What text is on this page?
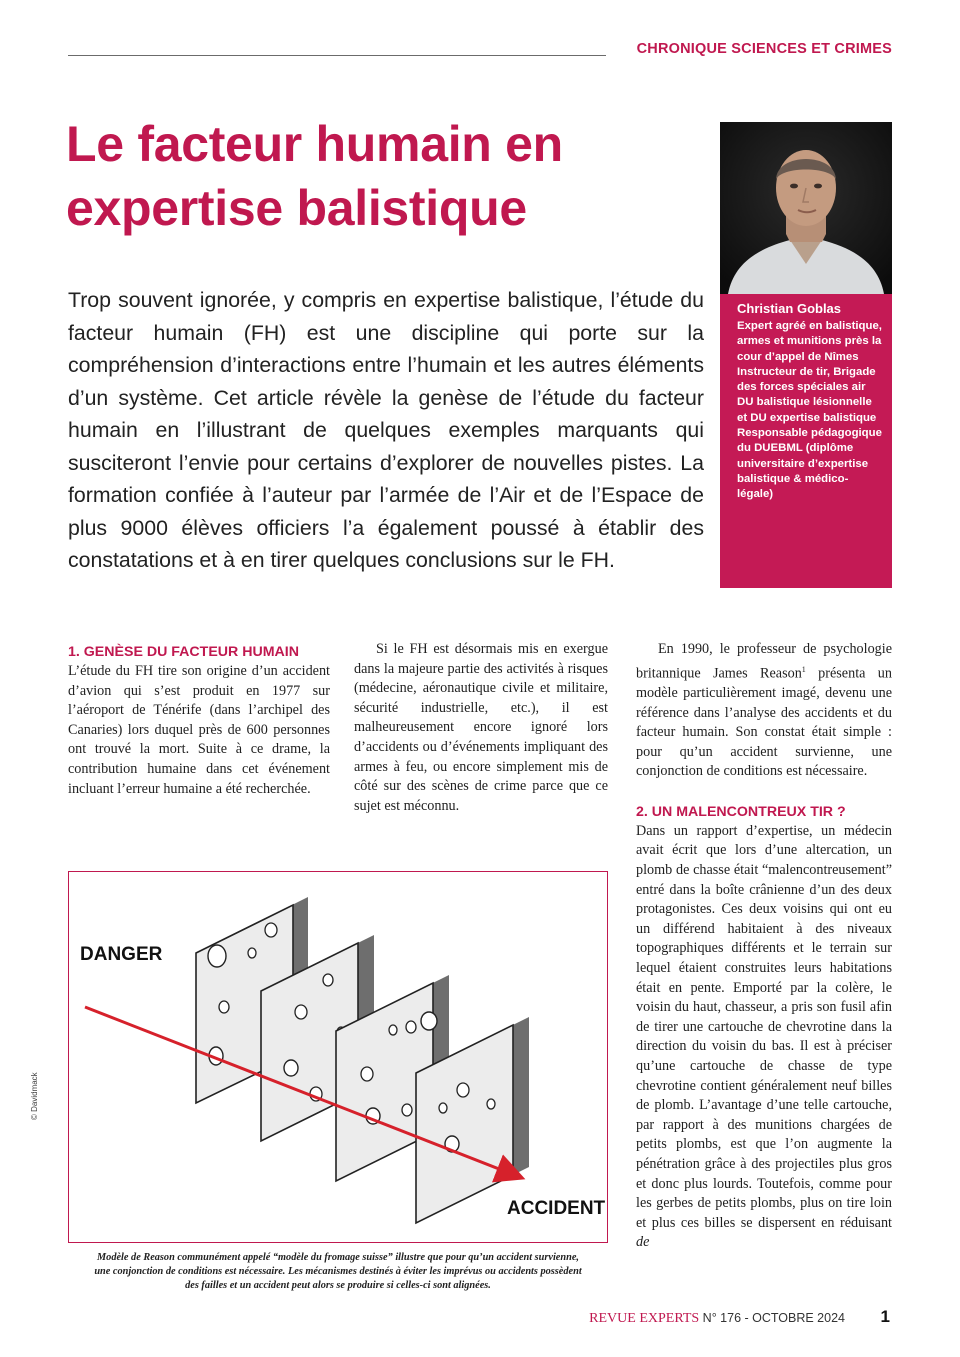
CHRONIQUE SCIENCES ET CRIMES
Le facteur humain en expertise balistique

Trop souvent ignorée, y compris en expertise balistique, l’étude du facteur humain (FH) est une discipline qui porte sur la compréhension d’interactions entre l’humain et les autres éléments d’un système. Cet article révèle la genèse de l’étude du facteur humain en l’illustrant de quelques exemples marquants qui susciteront l’envie pour certains d’explorer de nouvelles pistes. La formation confiée à l’auteur par l’armée de l’Air et de l’Espace de plus 9000 élèves officiers l’a également poussé à établir des constatations et à en tirer quelques conclusions sur le FH.

Christian Goblas
Expert agréé en balistique, armes et munitions près la cour d’appel de Nîmes Instructeur de tir, Brigade des forces spéciales air DU balistique lésionnelle et DU expertise balistique Responsable pédagogique du DUEBML (diplôme universitaire d’expertise balistique & médico-légale)
1. GENÈSE DU FACTEUR HUMAIN

L’étude du FH tire son origine d’un accident d’avion qui s’est produit en 1977 sur l’aéroport de Ténérife (dans l’archipel des Canaries) lors duquel près de 600 personnes ont trouvé la mort. Suite à ce drame, la contribution humaine dans cet événement incluant l’erreur humaine a été recherchée.

Si le FH est désormais mis en exergue dans la majeure partie des activités à risques (médecine, aéronautique civile et militaire, sécurité industrielle, etc.), il est malheureusement encore ignoré lors d’accidents ou d’événements impliquant des armes à feu, ou encore simplement mis de côté sur des scènes de crime parce que ce sujet est méconnu.

En 1990, le professeur de psychologie britannique James Reason$^1$ présenta un modèle particulièrement imagé, devenu une référence dans l’analyse des accidents et du facteur humain. Son constat était simple : pour qu’un accident survienne, une conjonction de conditions est nécessaire.

2. UN MALENCONTREUX TIR ?

Dans un rapport d’expertise, un médecin avait écrit que lors d’une altercation, un plomb de chasse était “malencontreusement” entré dans la boîte crânienne d’un des deux protagonistes. Ces deux voisins qui ont eu un différend habitaient à des niveaux topographiques différents et le terrain sur lequel étaient construites leurs habitations était en pente. Emporté par la colère, le voisin du haut, chasseur, a pris son fusil afin de tirer une cartouche de chevrotine dans la direction du voisin du bas. Il est à préciser qu’une cartouche de chasse de type chevrotine contient généralement neuf billes de plomb. L’avantage d’une telle cartouche, par rapport à des munitions chargées de petits plombs, est que l’on augmente la pénétration grâce à des projectiles plus gros et donc plus lourds. Toutefois, comme pour les gerbes de petits plombs, plus on tire loin et plus ces billes se dispersent en réduisant de

DANGER
ACCIDENT
© Davidmack

Modèle de Reason communément appelé “modèle du fromage suisse” illustre que pour qu’un accident survienne, une conjonction de conditions est nécessaire. Les mécanismes destinés à éviter les imprévus ou accidents possèdent des failles et un accident peut alors se produire si celles-ci sont alignées.

REVUE EXPERTS N° 176 - OCTOBRE 2024 1
